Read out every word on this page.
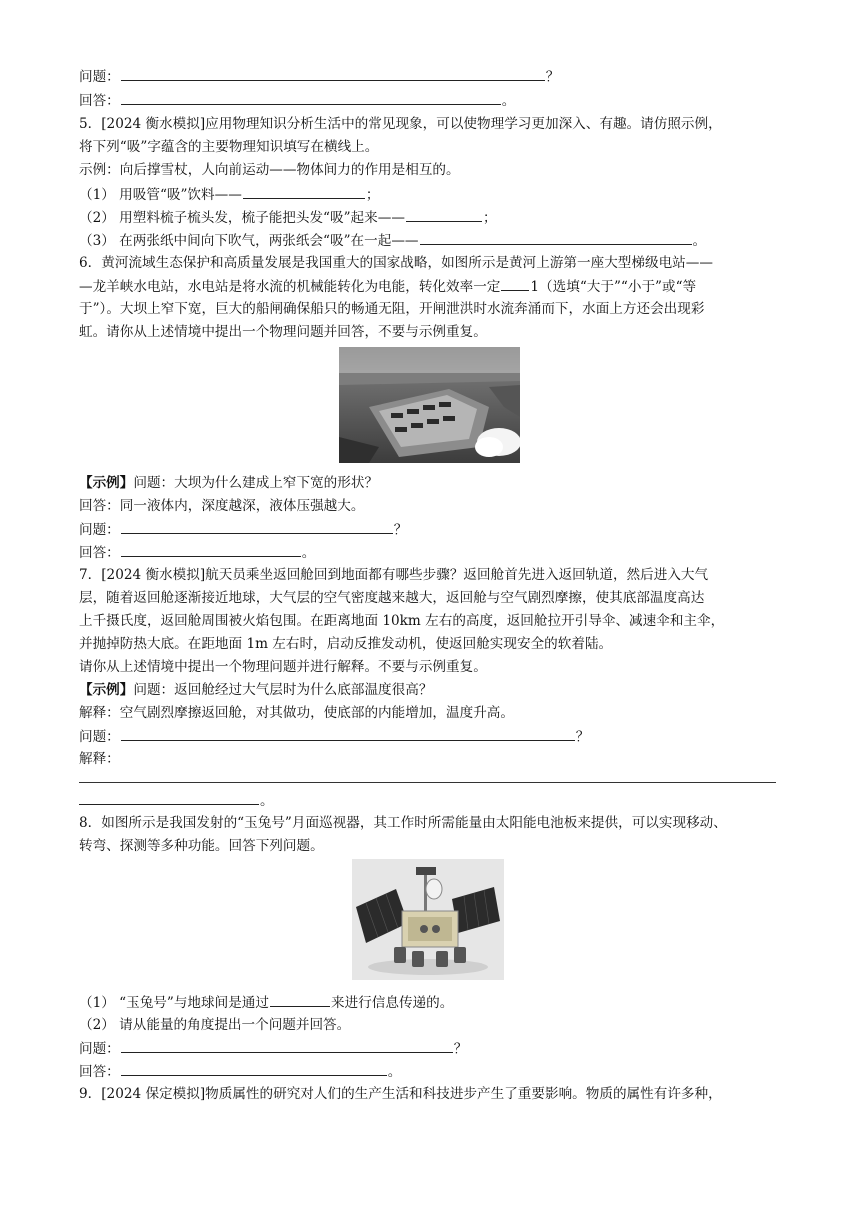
问题：	？
回答：	。
5．[2024 衡水模拟]应用物理知识分析生活中的常见现象，可以使物理学习更加深入、有趣。请仿照示例，
将下列“吸”字蕴含的主要物理知识填写在横线上。
示例：向后撑雪杖，人向前运动——物体间力的作用是相互的。
（1） 用吸管“吸”饮料——	；
（2） 用塑料梳子梳头发，梳子能把头发“吸”起来——	；
（3） 在两张纸中间向下吹气，两张纸会“吸”在一起——	。
6．黄河流域生态保护和高质量发展是我国重大的国家战略，如图所示是黄河上游第一座大型梯级电站——
—龙羊峡水电站，水电站是将水流的机械能转化为电能，转化效率一定 1（选填“大于”“小于”或“等
于”）。大坝上窄下宽，巨大的船闸确保船只的畅通无阻，开闸泄洪时水流奔涌而下，水面上方还会出现彩
虹。请你从上述情境中提出一个物理问题并回答，不要与示例重复。
【示例】问题：大坝为什么建成上窄下宽的形状？
回答：同一液体内，深度越深，液体压强越大。
问题：	？
回答：	。
7．[2024 衡水模拟]航天员乘坐返回舱回到地面都有哪些步骤？返回舱首先进入返回轨道，然后进入大气
层，随着返回舱逐渐接近地球，大气层的空气密度越来越大，返回舱与空气剧烈摩擦，使其底部温度高达
上千摄氏度，返回舱周围被火焰包围。在距离地面 10km 左右的高度，返回舱拉开引导伞、减速伞和主伞，
并抛掉防热大底。在距地面 1m 左右时，启动反推发动机，使返回舱实现安全的软着陆。
请你从上述情境中提出一个物理问题并进行解释。不要与示例重复。
【示例】问题：返回舱经过大气层时为什么底部温度很高？
解释：空气剧烈摩擦返回舱，对其做功，使底部的内能增加，温度升高。
问题：	？
解释：
。
8．如图所示是我国发射的“玉兔号”月面巡视器，其工作时所需能量由太阳能电池板来提供，可以实现移动、
转弯、探测等多种功能。回答下列问题。
（1） “玉兔号”与地球间是通过	来进行信息传递的。
（2） 请从能量的角度提出一个问题并回答。
问题：	？
回答：	。
9．[2024 保定模拟]物质属性的研究对人们的生产生活和科技进步产生了重要影响。物质的属性有许多种，
